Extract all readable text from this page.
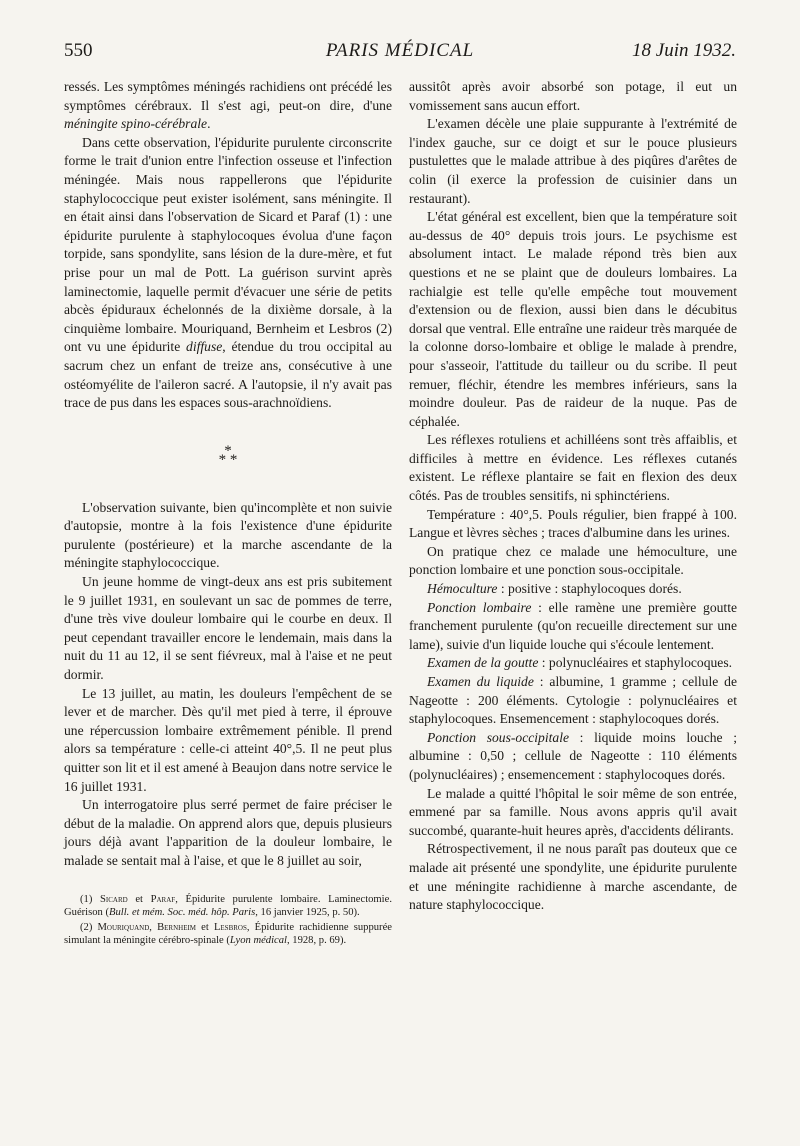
PARIS MÉDICAL
550	18 Juin 1932.

ressés. Les symptômes méningés rachidiens ont précédé les symptômes cérébraux. Il s'est agi, peut-on dire, d'une méningite spino-cérébrale.

Dans cette observation, l'épidurite purulente circonscrite forme le trait d'union entre l'infection osseuse et l'infection méningée. Mais nous rappellerons que l'épidurite staphylococcique peut exister isolément, sans méningite. Il en était ainsi dans l'observation de Sicard et Paraf (1) : une épidurite purulente à staphylocoques évolua d'une façon torpide, sans spondylite, sans lésion de la dure-mère, et fut prise pour un mal de Pott. La guérison survint après laminectomie, laquelle permit d'évacuer une série de petits abcès épiduraux échelonnés de la dixième dorsale, à la cinquième lombaire. Mouriquand, Bernheim et Lesbros (2) ont vu une épidurite diffuse, étendue du trou occipital au sacrum chez un enfant de treize ans, consécutive à une ostéomyélite de l'aileron sacré. A l'autopsie, il n'y avait pas trace de pus dans les espaces sous-arachnoïdiens.

*
* *

L'observation suivante, bien qu'incomplète et non suivie d'autopsie, montre à la fois l'existence d'une épidurite purulente (postérieure) et la marche ascendante de la méningite staphylococcique.

Un jeune homme de vingt-deux ans est pris subitement le 9 juillet 1931, en soulevant un sac de pommes de terre, d'une très vive douleur lombaire qui le courbe en deux. Il peut cependant travailler encore le lendemain, mais dans la nuit du 11 au 12, il se sent fiévreux, mal à l'aise et ne peut dormir.

Le 13 juillet, au matin, les douleurs l'empêchent de se lever et de marcher. Dès qu'il met pied à terre, il éprouve une répercussion lombaire extrêmement pénible. Il prend alors sa température : celle-ci atteint 40°,5. Il ne peut plus quitter son lit et il est amené à Beaujon dans notre service le 16 juillet 1931.

Un interrogatoire plus serré permet de faire préciser le début de la maladie. On apprend alors que, depuis plusieurs jours déjà avant l'apparition de la douleur lombaire, le malade se sentait mal à l'aise, et que le 8 juillet au soir,

(1) Sicard et Paraf, Épidurite purulente lombaire. Laminectomie. Guérison (Bull. et mém. Soc. méd. hôp. Paris, 16 janvier 1925, p. 50).

(2) Mouriquand, Bernheim et Lesbros, Épidurite rachidienne suppurée simulant la méningite cérébro-spinale (Lyon médical, 1928, p. 69).

aussitôt après avoir absorbé son potage, il eut un vomissement sans aucun effort.

L'examen décèle une plaie suppurante à l'extrémité de l'index gauche, sur ce doigt et sur le pouce plusieurs pustulettes que le malade attribue à des piqûres d'arêtes de colin (il exerce la profession de cuisinier dans un restaurant).

L'état général est excellent, bien que la température soit au-dessus de 40° depuis trois jours. Le psychisme est absolument intact. Le malade répond très bien aux questions et ne se plaint que de douleurs lombaires. La rachialgie est telle qu'elle empêche tout mouvement d'extension ou de flexion, aussi bien dans le décubitus dorsal que ventral. Elle entraîne une raideur très marquée de la colonne dorso-lombaire et oblige le malade à prendre, pour s'asseoir, l'attitude du tailleur ou du scribe. Il peut remuer, fléchir, étendre les membres inférieurs, sans la moindre douleur. Pas de raideur de la nuque. Pas de céphalée.

Les réflexes rotuliens et achilléens sont très affaiblis, et difficiles à mettre en évidence. Les réflexes cutanés existent. Le réflexe plantaire se fait en flexion des deux côtés. Pas de troubles sensitifs, ni sphinctériens.

Température : 40°,5. Pouls régulier, bien frappé à 100. Langue et lèvres sèches ; traces d'albumine dans les urines.

On pratique chez ce malade une hémoculture, une ponction lombaire et une ponction sous-occipitale.

Hémoculture : positive : staphylocoques dorés.

Ponction lombaire : elle ramène une première goutte franchement purulente (qu'on recueille directement sur une lame), suivie d'un liquide louche qui s'écoule lentement.

Examen de la goutte : polynucléaires et staphylocoques.

Examen du liquide : albumine, 1 gramme ; cellule de Nageotte : 200 éléments. Cytologie : polynucléaires et staphylocoques. Ensemencement : staphylocoques dorés.

Ponction sous-occipitale : liquide moins louche ; albumine : 0,50 ; cellule de Nageotte : 110 éléments (polynucléaires) ; ensemencement : staphylocoques dorés.

Le malade a quitté l'hôpital le soir même de son entrée, emmené par sa famille. Nous avons appris qu'il avait succombé, quarante-huit heures après, d'accidents délirants.

Rétrospectivement, il ne nous paraît pas douteux que ce malade ait présenté une spondylite, une épidurite purulente et une méningite rachidienne à marche ascendante, de nature staphylococcique.
